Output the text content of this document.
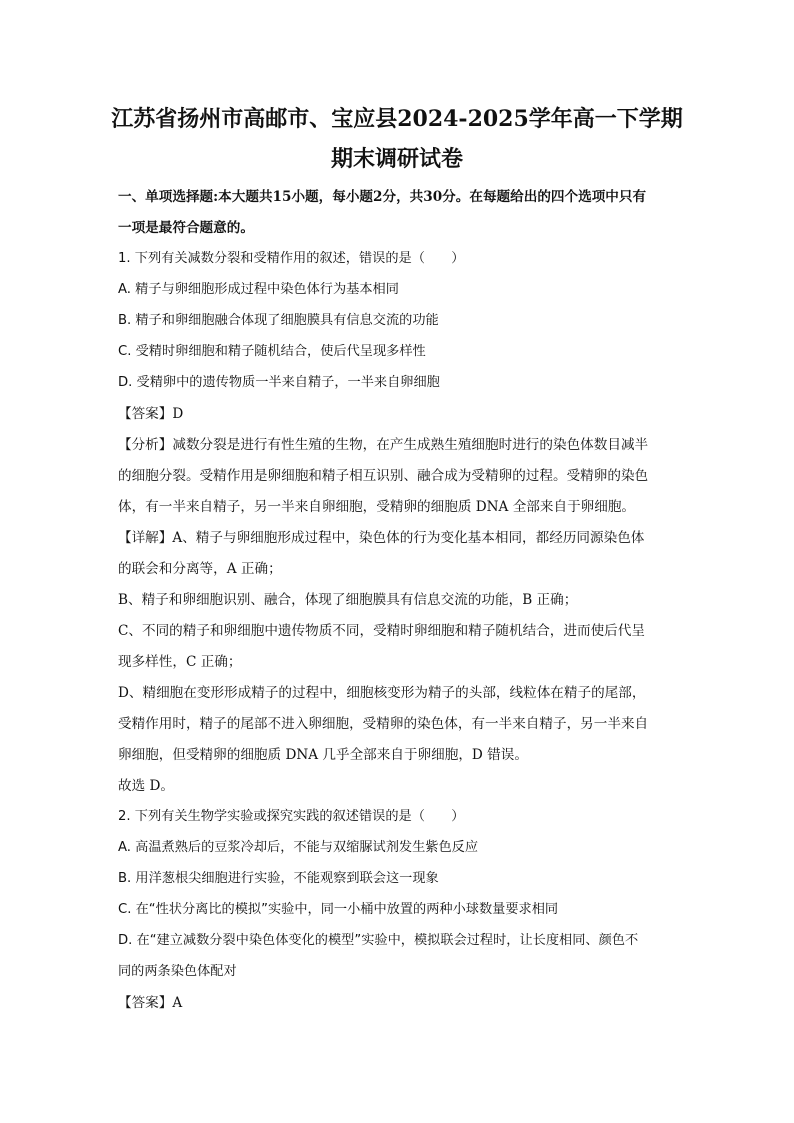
江苏省扬州市高邮市、宝应县2024-2025学年高一下学期
期末调研试卷
一、单项选择题:本大题共15小题，每小题2分，共30分。在每题给出的四个选项中只有
一项是最符合题意的。
1. 下列有关减数分裂和受精作用的叙述，错误的是（　　）
A. 精子与卵细胞形成过程中染色体行为基本相同
B. 精子和卵细胞融合体现了细胞膜具有信息交流的功能
C. 受精时卵细胞和精子随机结合，使后代呈现多样性
D. 受精卵中的遗传物质一半来自精子，一半来自卵细胞
【答案】D
【分析】减数分裂是进行有性生殖的生物，在产生成熟生殖细胞时进行的染色体数目减半
的细胞分裂。受精作用是卵细胞和精子相互识别、融合成为受精卵的过程。受精卵的染色
体，有一半来自精子，另一半来自卵细胞，受精卵的细胞质 DNA 全部来自于卵细胞。
【详解】A、精子与卵细胞形成过程中，染色体的行为变化基本相同，都经历同源染色体
的联会和分离等，A 正确；
B、精子和卵细胞识别、融合，体现了细胞膜具有信息交流的功能，B 正确；
C、不同的精子和卵细胞中遗传物质不同，受精时卵细胞和精子随机结合，进而使后代呈
现多样性，C 正确；
D、精细胞在变形形成精子的过程中，细胞核变形为精子的头部，线粒体在精子的尾部，
受精作用时，精子的尾部不进入卵细胞，受精卵的染色体，有一半来自精子，另一半来自
卵细胞，但受精卵的细胞质 DNA 几乎全部来自于卵细胞，D 错误。
故选 D。
2. 下列有关生物学实验或探究实践的叙述错误的是（　　）
A. 高温煮熟后的豆浆冷却后，不能与双缩脲试剂发生紫色反应
B. 用洋葱根尖细胞进行实验，不能观察到联会这一现象
C. 在“性状分离比的模拟”实验中，同一小桶中放置的两种小球数量要求相同
D. 在“建立减数分裂中染色体变化的模型”实验中，模拟联会过程时，让长度相同、颜色不
同的两条染色体配对
【答案】A
